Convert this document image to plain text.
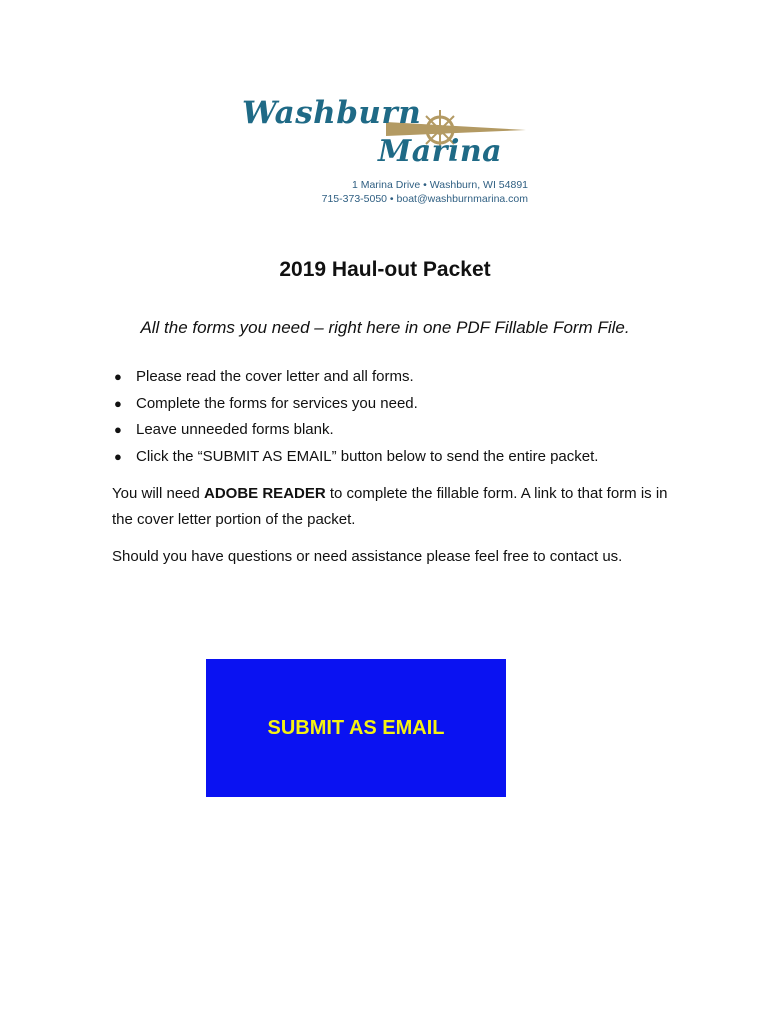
Washburn
Marina
1 Marina Drive • Washburn, WI 54891
715-373-5050 • boat@washburnmarina.com
2019 Haul-out Packet
All the forms you need – right here in one PDF Fillable Form File.
● Please read the cover letter and all forms.
● Complete the forms for services you need.
● Leave unneeded forms blank.
● Click the “SUBMIT AS EMAIL” button below to send the entire packet.

You will need ADOBE READER to complete the fillable form. A link to that form is in the cover letter portion of the packet.

Should you have questions or need assistance please feel free to contact us.

SUBMIT AS EMAIL
